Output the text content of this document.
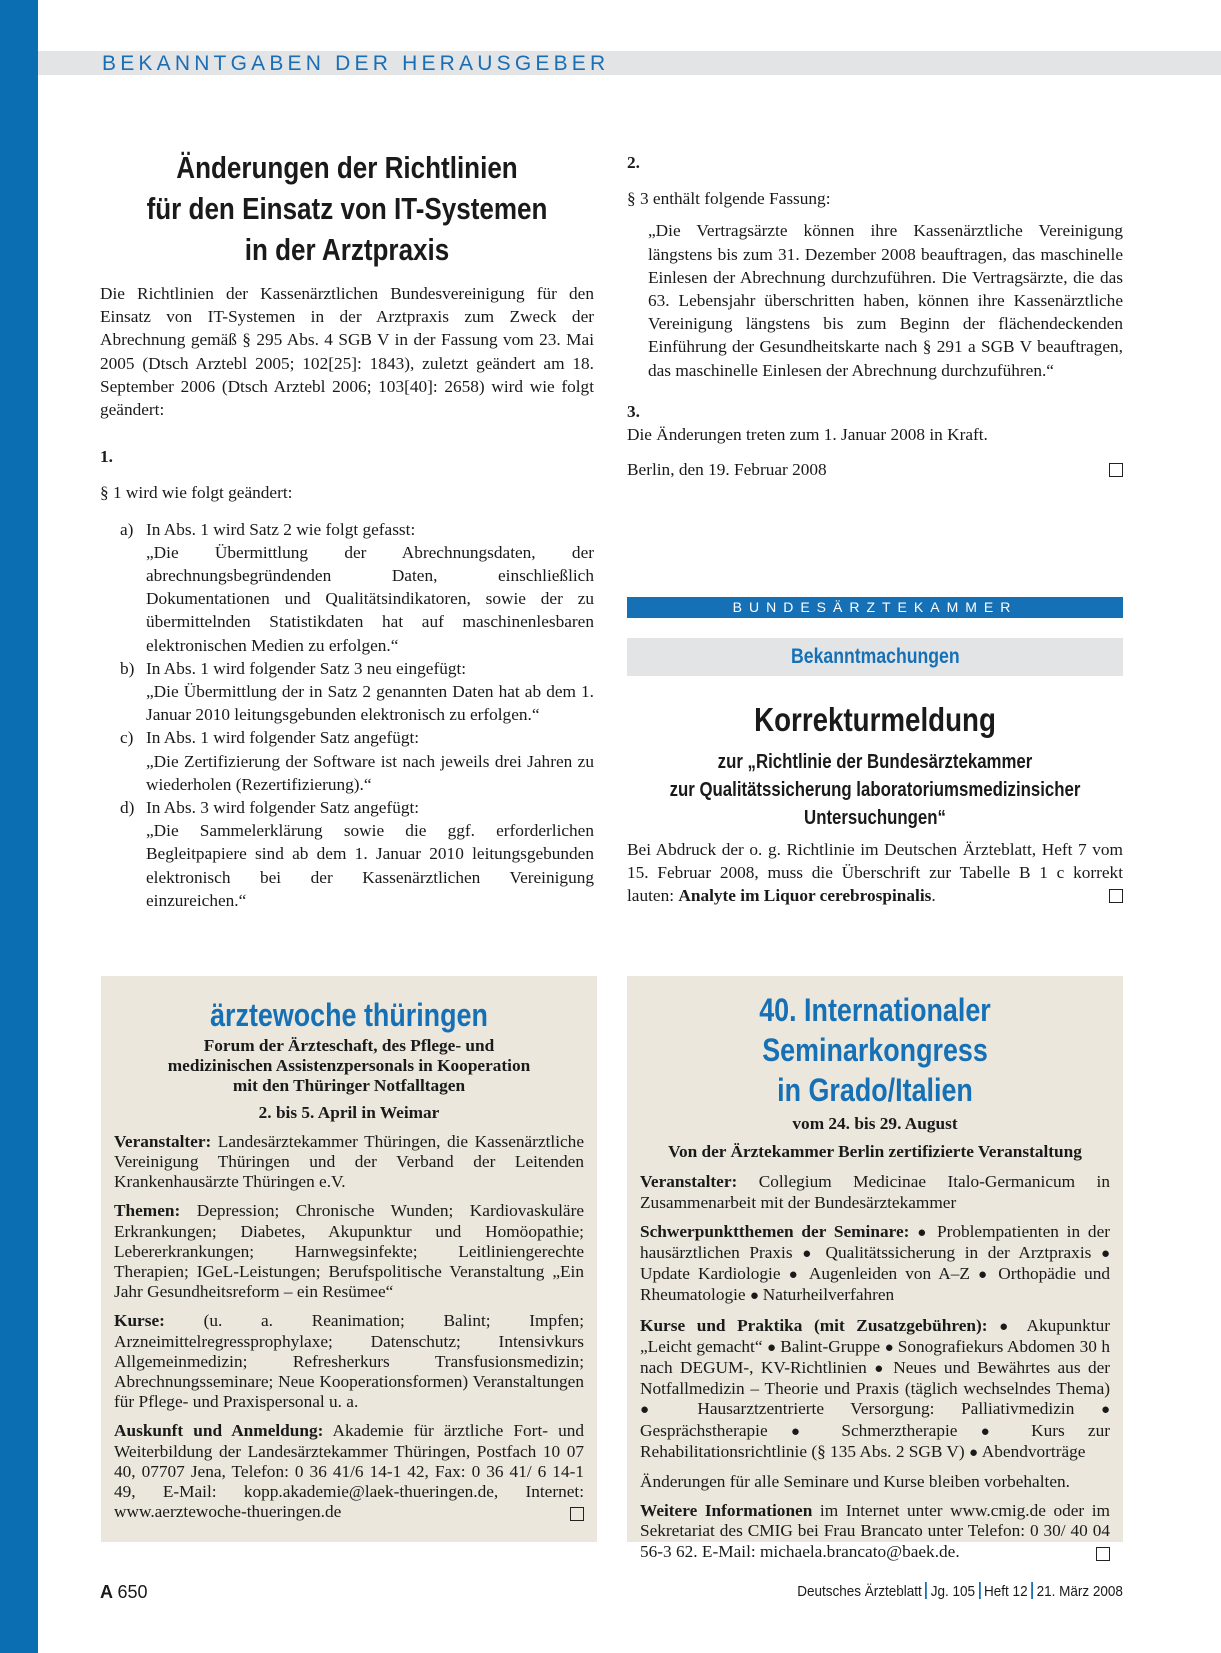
BEKANNTGABEN DER HERAUSGEBER
Änderungen der Richtlinien
für den Einsatz von IT-Systemen
in der Arztpraxis

Die Richtlinien der Kassenärztlichen Bundesvereinigung für den Einsatz von IT-Systemen in der Arztpraxis zum Zweck der Abrechnung gemäß § 295 Abs. 4 SGB V in der Fassung vom 23. Mai 2005 (Dtsch Arztebl 2005; 102[25]: 1843), zuletzt geändert am 18. September 2006 (Dtsch Arztebl 2006; 103[40]: 2658) wird wie folgt geändert:

1.

§ 1 wird wie folgt geändert:

a) In Abs. 1 wird Satz 2 wie folgt gefasst:
„Die Übermittlung der Abrechnungsdaten, der abrechnungsbegründenden Daten, einschließlich Dokumentationen und Qualitätsindikatoren, sowie der zu übermittelnden Statistikdaten hat auf maschinenlesbaren elektronischen Medien zu erfolgen.“
b) In Abs. 1 wird folgender Satz 3 neu eingefügt:
„Die Übermittlung der in Satz 2 genannten Daten hat ab dem 1. Januar 2010 leitungsgebunden elektronisch zu erfolgen.“
c) In Abs. 1 wird folgender Satz angefügt:
„Die Zertifizierung der Software ist nach jeweils drei Jahren zu wiederholen (Rezertifizierung).“
d) In Abs. 3 wird folgender Satz angefügt:
„Die Sammelerklärung sowie die ggf. erforderlichen Begleitpapiere sind ab dem 1. Januar 2010 leitungsgebunden elektronisch bei der Kassenärztlichen Vereinigung einzureichen.“

2.

§ 3 enthält folgende Fassung:

„Die Vertragsärzte können ihre Kassenärztliche Vereinigung längstens bis zum 31. Dezember 2008 beauftragen, das maschinelle Einlesen der Abrechnung durchzuführen. Die Vertragsärzte, die das 63. Lebensjahr überschritten haben, können ihre Kassenärztliche Vereinigung längstens bis zum Beginn der flächendeckenden Einführung der Gesundheitskarte nach § 291 a SGB V beauftragen, das maschinelle Einlesen der Abrechnung durchzuführen.“

3.

Die Änderungen treten zum 1. Januar 2008 in Kraft.

Berlin, den 19. Februar 2008

BUNDESÄRZTEKAMMER
Bekanntmachungen
Korrekturmeldung
zur „Richtlinie der Bundesärztekammer
zur Qualitätssicherung laboratoriumsmedizinsicher
Untersuchungen“

Bei Abdruck der o. g. Richtlinie im Deutschen Ärzteblatt, Heft 7 vom 15. Februar 2008, muss die Überschrift zur Tabelle B 1 c korrekt lauten: Analyte im Liquor cerebrospinalis.

ärztewoche thüringen
Forum der Ärzteschaft, des Pflege- und
medizinischen Assistenzpersonals in Kooperation
mit den Thüringer Notfalltagen

2. bis 5. April in Weimar

Veranstalter: Landesärztekammer Thüringen, die Kassenärztliche Vereinigung Thüringen und der Verband der Leitenden Krankenhausärzte Thüringen e.V.

Themen: Depression; Chronische Wunden; Kardiovaskuläre Erkrankungen; Diabetes, Akupunktur und Homöopathie; Lebererkrankungen; Harnwegsinfekte; Leitliniengerechte Therapien; IGeL-Leistungen; Berufspolitische Veranstaltung „Ein Jahr Gesundheitsreform – ein Resümee“

Kurse: (u. a. Reanimation; Balint; Impfen; Arzneimittelregressprophylaxe; Datenschutz; Intensivkurs Allgemeinmedizin; Refresherkurs Transfusionsmedizin; Abrechnungsseminare; Neue Kooperationsformen) Veranstaltungen für Pflege- und Praxispersonal u. a.

Auskunft und Anmeldung: Akademie für ärztliche Fort- und Weiterbildung der Landesärztekammer Thüringen, Postfach 10 07 40, 07707 Jena, Telefon: 0 36 41/6 14-1 42, Fax: 0 36 41/ 6 14-1 49, E-Mail: kopp.akademie@laek-thueringen.de, Internet: www.aerztewoche-thueringen.de

40. Internationaler Seminarkongress
in Grado/Italien

vom 24. bis 29. August

Von der Ärztekammer Berlin zertifizierte Veranstaltung

Veranstalter: Collegium Medicinae Italo-Germanicum in Zusammenarbeit mit der Bundesärztekammer

Schwerpunktthemen der Seminare: ● Problempatienten in der hausärztlichen Praxis ● Qualitätssicherung in der Arztpraxis ● Update Kardiologie ● Augenleiden von A–Z ● Orthopädie und Rheumatologie ● Naturheilverfahren

Kurse und Praktika (mit Zusatzgebühren): ● Akupunktur „Leicht gemacht“ ● Balint-Gruppe ● Sonografiekurs Abdomen 30 h nach DEGUM-, KV-Richtlinien ● Neues und Bewährtes aus der Notfallmedizin – Theorie und Praxis (täglich wechselndes Thema) ● Hausarztzentrierte Versorgung: Palliativmedizin ● Gesprächstherapie ● Schmerztherapie ● Kurs zur Rehabilitationsrichtlinie (§ 135 Abs. 2 SGB V) ● Abendvorträge

Änderungen für alle Seminare und Kurse bleiben vorbehalten.

Weitere Informationen im Internet unter www.cmig.de oder im Sekretariat des CMIG bei Frau Brancato unter Telefon: 0 30/ 40 04 56-3 62. E-Mail: michaela.brancato@baek.de.

A 650	Deutsches Ärzteblatt Jg. 105 Heft 12 21. März 2008
